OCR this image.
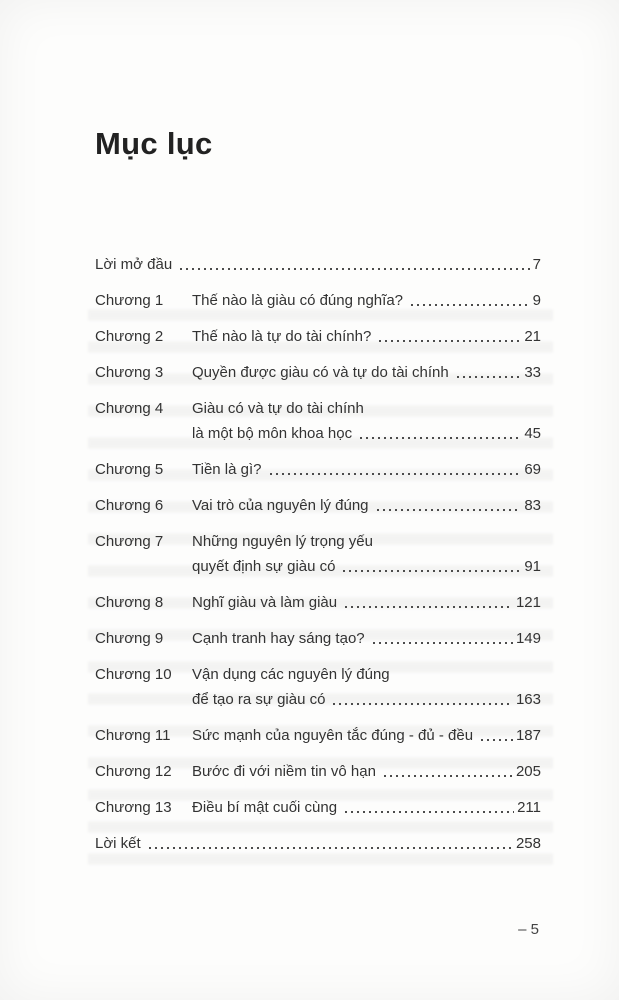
Mục lục
Lời mở đầu	7
Chương 1	Thế nào là giàu có đúng nghĩa?	9
Chương 2	Thế nào là tự do tài chính?	21
Chương 3	Quyền được giàu có và tự do tài chính	33
Chương 4	Giàu có và tự do tài chính
là một bộ môn khoa học	45
Chương 5	Tiền là gì?	69
Chương 6	Vai trò của nguyên lý đúng	83
Chương 7	Những nguyên lý trọng yếu
quyết định sự giàu có	91
Chương 8	Nghĩ giàu và làm giàu	121
Chương 9	Cạnh tranh hay sáng tạo?	149
Chương 10	Vận dụng các nguyên lý đúng
để tạo ra sự giàu có	163
Chương 11	Sức mạnh của nguyên tắc đúng - đủ - đều	187
Chương 12	Bước đi với niềm tin vô hạn	205
Chương 13	Điều bí mật cuối cùng	211
Lời kết	258
– 5
